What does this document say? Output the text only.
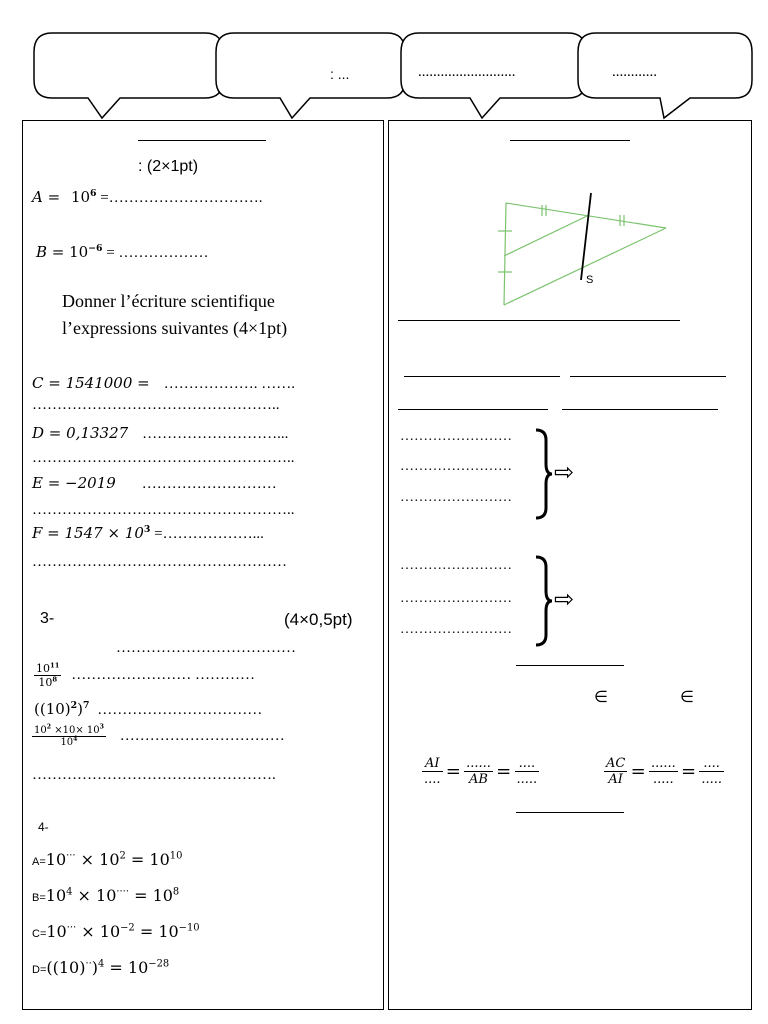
: ...	..........................	............
: (2×1pt)
$A = 10^6$ =………………………….
$B = 10^{-6}$ = ………………
Donner l’écriture scientifique
l’expressions suivantes (4×1pt)
C = 1541000 = ………………. …….
…………………………………………..
D = 0,13327 ………………………...
……………………………………………..
E = −2019 ………………………
……………………………………………..
$F = 1547 \times 10^3$ =………………...
……………………………………………
3-	(4×0,5pt)
………………………………
$\frac{10^{11}}{10^8}$ …………………… …………
$((10)^2)^7$ ……………………………
$\frac{10^2 \times 10\times 10^3}{10^4}$ ……………………………
………………………………………….
4-
$A=10^{\cdot\cdot\cdot} \times 10^2 = 10^{10}$
$B=10^4 \times 10^{\cdot\cdot\cdot\cdot} = 10^8$
$C=10^{\cdot\cdot\cdot} \times 10^{-2} = 10^{-10}$
$D=((10)^{\cdot\cdot})^4 = 10^{-28}$
S
……………………
……………………
……………………
⇨
……………………
……………………
……………………
⇨
∈	∈
$\frac{AI}{....} = \frac{......}{AB} = \frac{....}{.....}$	$\frac{AC}{AI} = \frac{......}{.....} = \frac{....}{.....}$
